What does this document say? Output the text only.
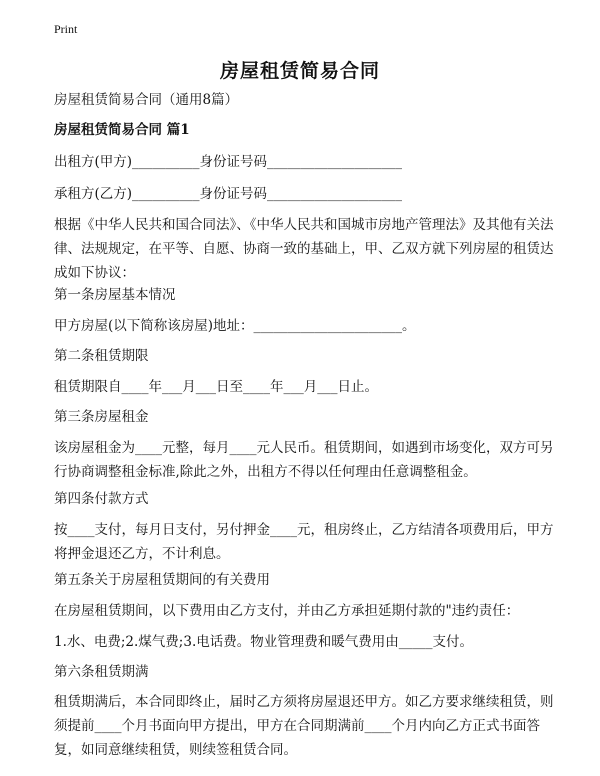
Print
房屋租赁简易合同
房屋租赁简易合同（通用8篇）
房屋租赁简易合同 篇1
出租方(甲方)__________身份证号码____________________
承租方(乙方)__________身份证号码____________________
根据《中华人民共和国合同法》、《中华人民共和国城市房地产管理法》及其他有关法律、法规规定，在平等、自愿、协商一致的基础上，甲、乙双方就下列房屋的租赁达成如下协议：
第一条房屋基本情况
甲方房屋(以下简称该房屋)地址：______________________。
第二条租赁期限
租赁期限自____年___月___日至____年___月___日止。
第三条房屋租金
该房屋租金为____元整，每月____元人民币。租赁期间，如遇到市场变化，双方可另行协商调整租金标准,除此之外，出租方不得以任何理由任意调整租金。
第四条付款方式
按____支付，每月日支付，另付押金____元，租房终止，乙方结清各项费用后，甲方将押金退还乙方，不计利息。
第五条关于房屋租赁期间的有关费用
在房屋租赁期间，以下费用由乙方支付，并由乙方承担延期付款的"违约责任：
1.水、电费;2.煤气费;3.电话费。物业管理费和暖气费用由_____支付。
第六条租赁期满
租赁期满后，本合同即终止，届时乙方须将房屋退还甲方。如乙方要求继续租赁，则须提前____个月书面向甲方提出，甲方在合同期满前____个月内向乙方正式书面答复，如同意继续租赁，则续签租赁合同。
